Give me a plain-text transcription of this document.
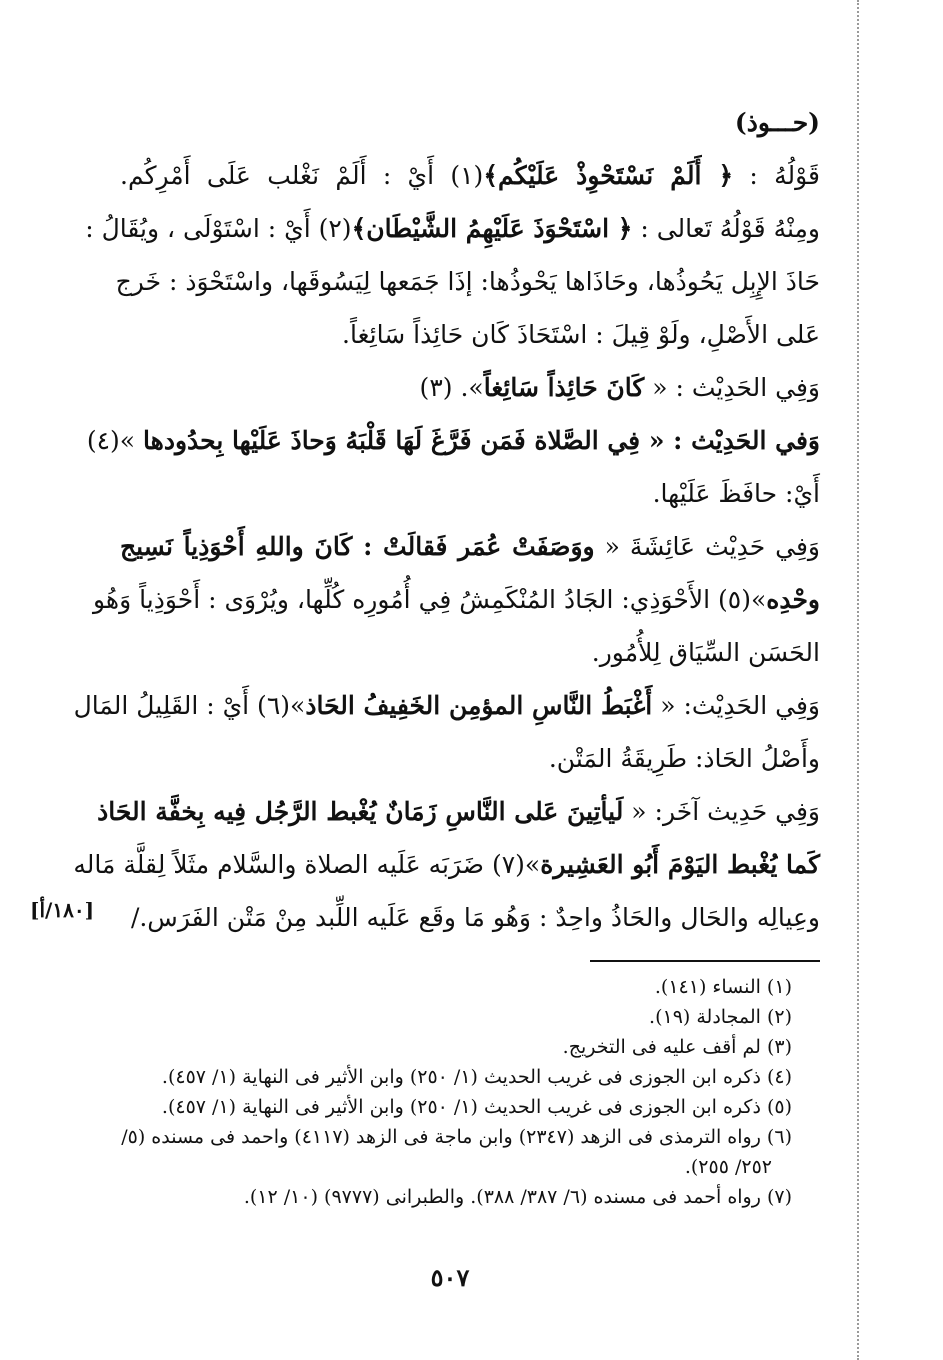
(حـــوذ)
قَوْلُهُ : ﴿ أَلَمْ نَسْتَحْوِذْ عَلَيْكُم﴾(١) أَيْ : أَلَمْ نَغْلب عَلَى أَمْرِكُم.
ومِنْهُ قَوْلُهُ تَعالى : ﴿ اسْتَحْوَذَ عَلَيْهِمُ الشَّيْطَان﴾(٢) أَيْ : اسْتَوْلَى ، ويُقَالُ :
حَاذَ الإِبِل يَحُوذُها، وحَاذَاها يَحْوذُها: إذَا جَمَعها لِيَسُوقَها، واسْتَحْوَذ : خَرج
عَلى الأَصْلِ، ولَوْ قِيلَ : اسْتَحَاذَ كَان حَائِذاً سَائِغاً.
وَفِي الحَدِيْث : « كَانَ حَائِذاً سَائِغاً». (٣)
وَفي الحَدِيْث : « فِي الصَّلاة فَمَن فَرَّغَ لَهَا قَلْبَهُ وَحاذَ عَلَيْها بِحدُودها »(٤)
أَيْ: حافَظَ عَلَيْها.
وَفِي حَدِيْث عَائِشَةَ « ووَصَفَتْ عُمَر فَقالَتْ : كَانَ واللهِ أَحْوَذِياً نَسِيج
وحْدِه»(٥) الأَحْوَذِي: الجَادُ المُنْكَمِشُ فِي أُمُورِه كُلِّها، ويُرْوَى : أَحْوَذِياً وَهُو
الحَسَن السِّيَاق لِلأُمُور.
وَفِي الحَدِيْث: « أَغْبَطُ النَّاسِ المؤمِن الخَفِيفُ الحَاذ»(٦) أَيْ : القَلِيلُ المَال
وأَصْلُ الحَاذ: طَرِيقَةُ المَتْن.
وَفِي حَدِيث آخَر: « لَيأتِينَ عَلى النَّاسِ زَمَانٌ يُغْبط الرَّجُل فِيه بِخفَّة الحَاذ
كَما يُغْبط اليَوْمَ أَبُو العَشِيرة»(٧) ضَرَبَه عَلَيه الصلاة والسَّلام مثَلاً لِقلَّة مَاله
وعِيالِه والحَال والحَاذُ واحِدٌ : وَهُو مَا وقَع عَلَيه اللِّبد مِنْ مَتْن الفَرَس./
[١٨٠/أ]
(١) النساء (١٤١).
(٢) المجادلة (١٩).
(٣) لم أقف عليه فى التخريج.
(٤) ذكره ابن الجوزى فى غريب الحديث (١/ ٢٥٠) وابن الأثير فى النهاية (١/ ٤٥٧).
(٥) ذكره ابن الجوزى فى غريب الحديث (١/ ٢٥٠) وابن الأثير فى النهاية (١/ ٤٥٧).
(٦) رواه الترمذى فى الزهد (٢٣٤٧) وابن ماجة فى الزهد (٤١١٧) واحمد فى مسنده (٥/
٢٥٢/ ٢٥٥).
(٧) رواه أحمد فى مسنده (٦/ ٣٨٧/ ٣٨٨). والطبرانى (٩٧٧٧) (١٠/ ١٢).
٥٠٧
